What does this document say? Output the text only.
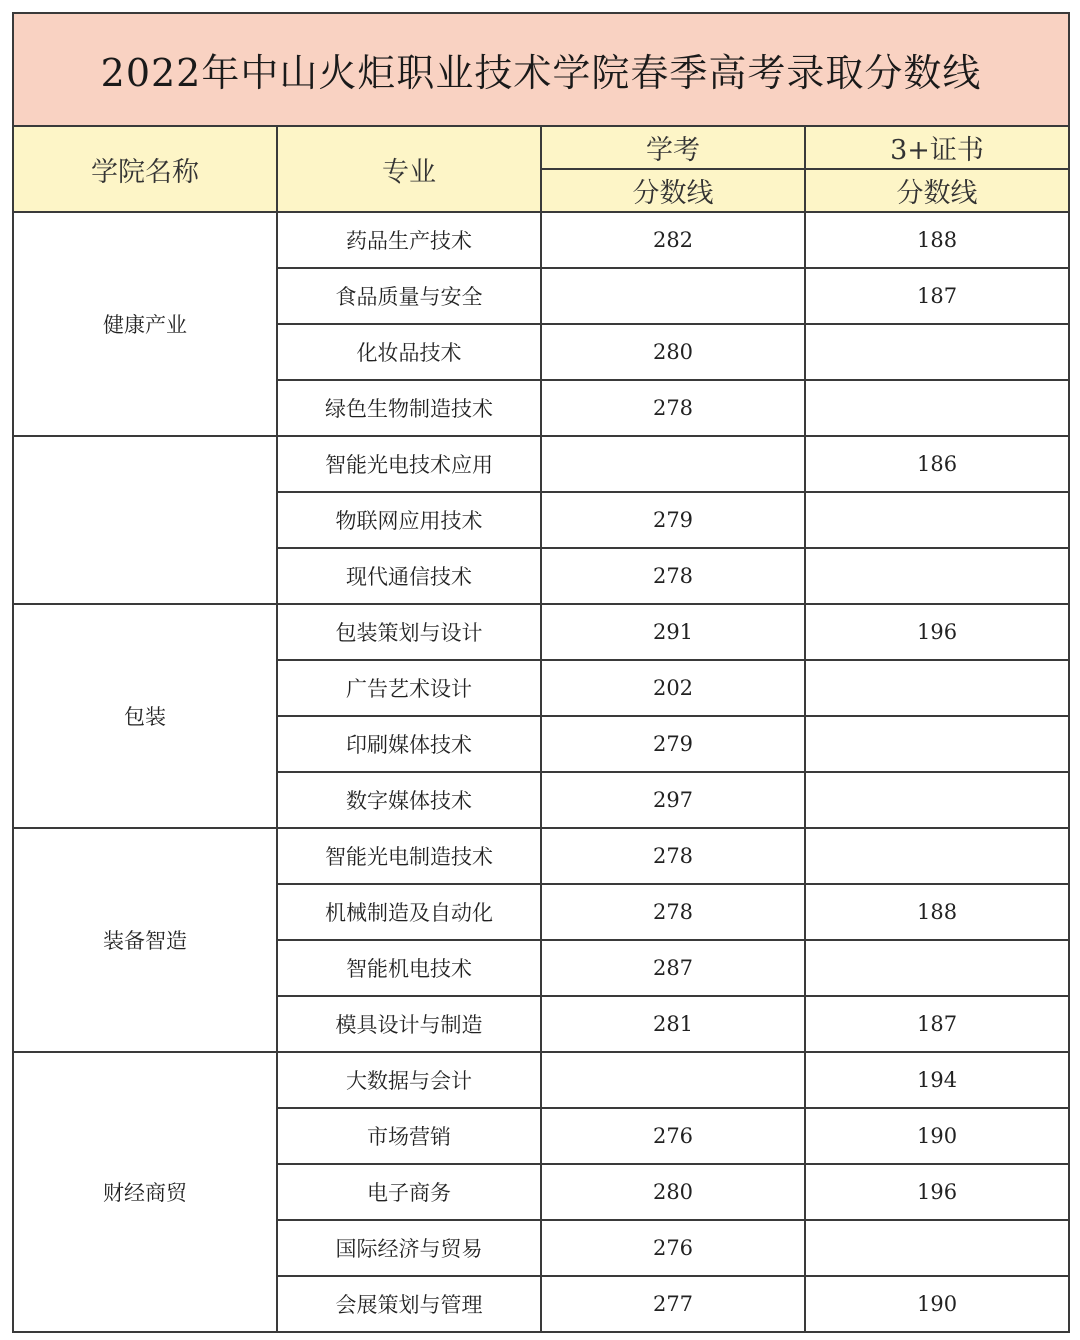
2022年中山火炬职业技术学院春季高考录取分数线			
学院名称	专业	学考	3+证书
		分数线	分数线
健康产业	药品生产技术	282	188
	食品质量与安全		187
	化妆品技术	280	
	绿色生物制造技术	278	
	智能光电技术应用		186
	物联网应用技术	279	
	现代通信技术	278	
包装	包装策划与设计	291	196
	广告艺术设计	202	
	印刷媒体技术	279	
	数字媒体技术	297	
装备智造	智能光电制造技术	278	
	机械制造及自动化	278	188
	智能机电技术	287	
	模具设计与制造	281	187
财经商贸	大数据与会计		194
	市场营销	276	190
	电子商务	280	196
	国际经济与贸易	276	
	会展策划与管理	277	190
